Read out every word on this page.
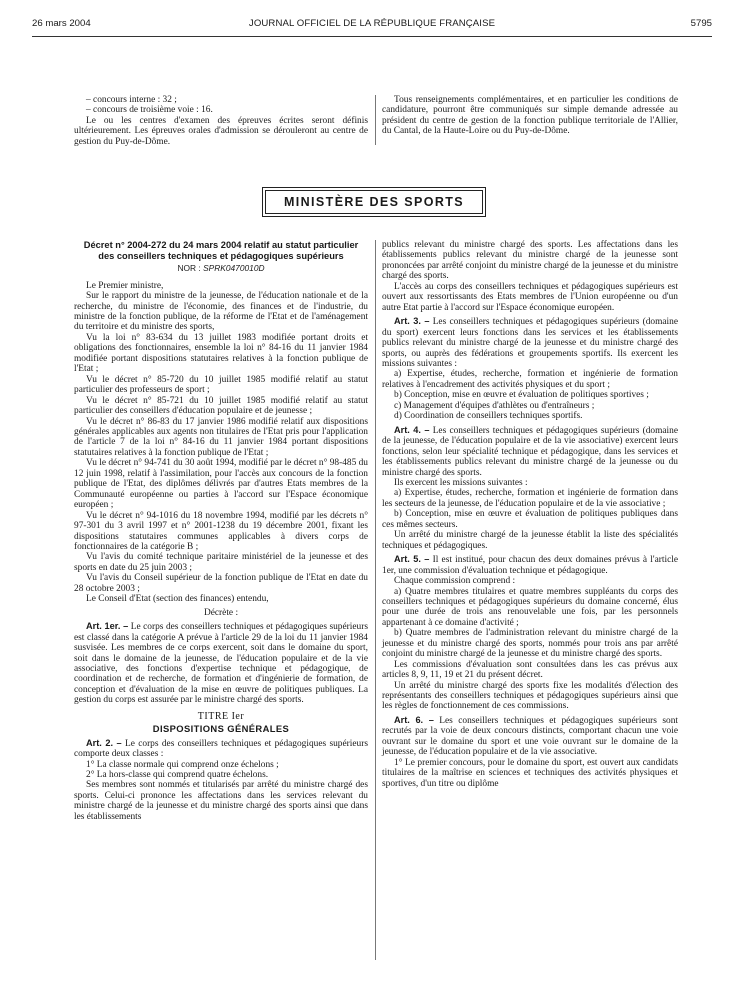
26 mars 2004	JOURNAL OFFICIEL DE LA RÉPUBLIQUE FRANÇAISE	5795

– concours interne : 32 ;

– concours de troisième voie : 16.

Le ou les centres d'examen des épreuves écrites seront définis ultérieurement. Les épreuves orales d'admission se dérouleront au centre de gestion du Puy-de-Dôme.

Tous renseignements complémentaires, et en particulier les conditions de candidature, pourront être communiqués sur simple demande adressée au président du centre de gestion de la fonction publique territoriale de l'Allier, du Cantal, de la Haute-Loire ou du Puy-de-Dôme.

MINISTÈRE DES SPORTS
Décret n° 2004-272 du 24 mars 2004 relatif au statut particulier des conseillers techniques et pédagogiques supérieurs
NOR : SPRK0470010D

Le Premier ministre,

Sur le rapport du ministre de la jeunesse, de l'éducation nationale et de la recherche, du ministre de l'économie, des finances et de l'industrie, du ministre de la fonction publique, de la réforme de l'Etat et de l'aménagement du territoire et du ministre des sports,

Vu la loi n° 83-634 du 13 juillet 1983 modifiée portant droits et obligations des fonctionnaires, ensemble la loi n° 84-16 du 11 janvier 1984 modifiée portant dispositions statutaires relatives à la fonction publique de l'Etat ;

Vu le décret n° 85-720 du 10 juillet 1985 modifié relatif au statut particulier des professeurs de sport ;

Vu le décret n° 85-721 du 10 juillet 1985 modifié relatif au statut particulier des conseillers d'éducation populaire et de jeunesse ;

Vu le décret n° 86-83 du 17 janvier 1986 modifié relatif aux dispositions générales applicables aux agents non titulaires de l'Etat pris pour l'application de l'article 7 de la loi n° 84-16 du 11 janvier 1984 portant dispositions statutaires relatives à la fonction publique de l'Etat ;

Vu le décret n° 94-741 du 30 août 1994, modifié par le décret n° 98-485 du 12 juin 1998, relatif à l'assimilation, pour l'accès aux concours de la fonction publique de l'Etat, des diplômes délivrés par d'autres Etats membres de la Communauté européenne ou parties à l'accord sur l'Espace économique européen ;

Vu le décret n° 94-1016 du 18 novembre 1994, modifié par les décrets n° 97-301 du 3 avril 1997 et n° 2001-1238 du 19 décembre 2001, fixant les dispositions statutaires communes applicables à divers corps de fonctionnaires de la catégorie B ;

Vu l'avis du comité technique paritaire ministériel de la jeunesse et des sports en date du 25 juin 2003 ;

Vu l'avis du Conseil supérieur de la fonction publique de l'Etat en date du 28 octobre 2003 ;

Le Conseil d'Etat (section des finances) entendu,

Décrète :

Art. 1er. – Le corps des conseillers techniques et pédagogiques supérieurs est classé dans la catégorie A prévue à l'article 29 de la loi du 11 janvier 1984 susvisée. Les membres de ce corps exercent, soit dans le domaine du sport, soit dans le domaine de la jeunesse, de l'éducation populaire et de la vie associative, des fonctions d'expertise technique et pédagogique, de coordination et de recherche, de formation et d'ingénierie de formation, de conception et d'évaluation de la mise en œuvre de politiques publiques. La gestion du corps est assurée par le ministre chargé des sports.

TITRE Ier
DISPOSITIONS GÉNÉRALES

Art. 2. – Le corps des conseillers techniques et pédagogiques supérieurs comporte deux classes :

1° La classe normale qui comprend onze échelons ;

2° La hors-classe qui comprend quatre échelons.

Ses membres sont nommés et titularisés par arrêté du ministre chargé des sports. Celui-ci prononce les affectations dans les services relevant du ministre chargé de la jeunesse et du ministre chargé des sports ainsi que dans les établissements

publics relevant du ministre chargé des sports. Les affectations dans les établissements publics relevant du ministre chargé de la jeunesse sont prononcées par arrêté conjoint du ministre chargé de la jeunesse et du ministre chargé des sports.

L'accès au corps des conseillers techniques et pédagogiques supérieurs est ouvert aux ressortissants des Etats membres de l'Union européenne ou d'un autre Etat partie à l'accord sur l'Espace économique européen.

Art. 3. – Les conseillers techniques et pédagogiques supérieurs (domaine du sport) exercent leurs fonctions dans les services et les établissements publics relevant du ministre chargé de la jeunesse et du ministre chargé des sports, ou auprès des fédérations et groupements sportifs. Ils exercent les missions suivantes :

a) Expertise, études, recherche, formation et ingénierie de formation relatives à l'encadrement des activités physiques et du sport ;

b) Conception, mise en œuvre et évaluation de politiques sportives ;

c) Management d'équipes d'athlètes ou d'entraîneurs ;

d) Coordination de conseillers techniques sportifs.

Art. 4. – Les conseillers techniques et pédagogiques supérieurs (domaine de la jeunesse, de l'éducation populaire et de la vie associative) exercent leurs fonctions, selon leur spécialité technique et pédagogique, dans les services et les établissements publics relevant du ministre chargé de la jeunesse ou du ministre chargé des sports.

Ils exercent les missions suivantes :

a) Expertise, études, recherche, formation et ingénierie de formation dans les secteurs de la jeunesse, de l'éducation populaire et de la vie associative ;

b) Conception, mise en œuvre et évaluation de politiques publiques dans ces mêmes secteurs.

Un arrêté du ministre chargé de la jeunesse établit la liste des spécialités techniques et pédagogiques.

Art. 5. – Il est institué, pour chacun des deux domaines prévus à l'article 1er, une commission d'évaluation technique et pédagogique.

Chaque commission comprend :

a) Quatre membres titulaires et quatre membres suppléants du corps des conseillers techniques et pédagogiques supérieurs du domaine concerné, élus pour une durée de trois ans renouvelable une fois, par les personnels appartenant à ce domaine d'activité ;

b) Quatre membres de l'administration relevant du ministre chargé de la jeunesse et du ministre chargé des sports, nommés pour trois ans par arrêté conjoint du ministre chargé de la jeunesse et du ministre chargé des sports.

Les commissions d'évaluation sont consultées dans les cas prévus aux articles 8, 9, 11, 19 et 21 du présent décret.

Un arrêté du ministre chargé des sports fixe les modalités d'élection des représentants des conseillers techniques et pédagogiques supérieurs ainsi que les règles de fonctionnement de ces commissions.

Art. 6. – Les conseillers techniques et pédagogiques supérieurs sont recrutés par la voie de deux concours distincts, comportant chacun une voie ouvrant sur le domaine du sport et une voie ouvrant sur le domaine de la jeunesse, de l'éducation populaire et de la vie associative.

1° Le premier concours, pour le domaine du sport, est ouvert aux candidats titulaires de la maîtrise en sciences et techniques des activités physiques et sportives, d'un titre ou diplôme
